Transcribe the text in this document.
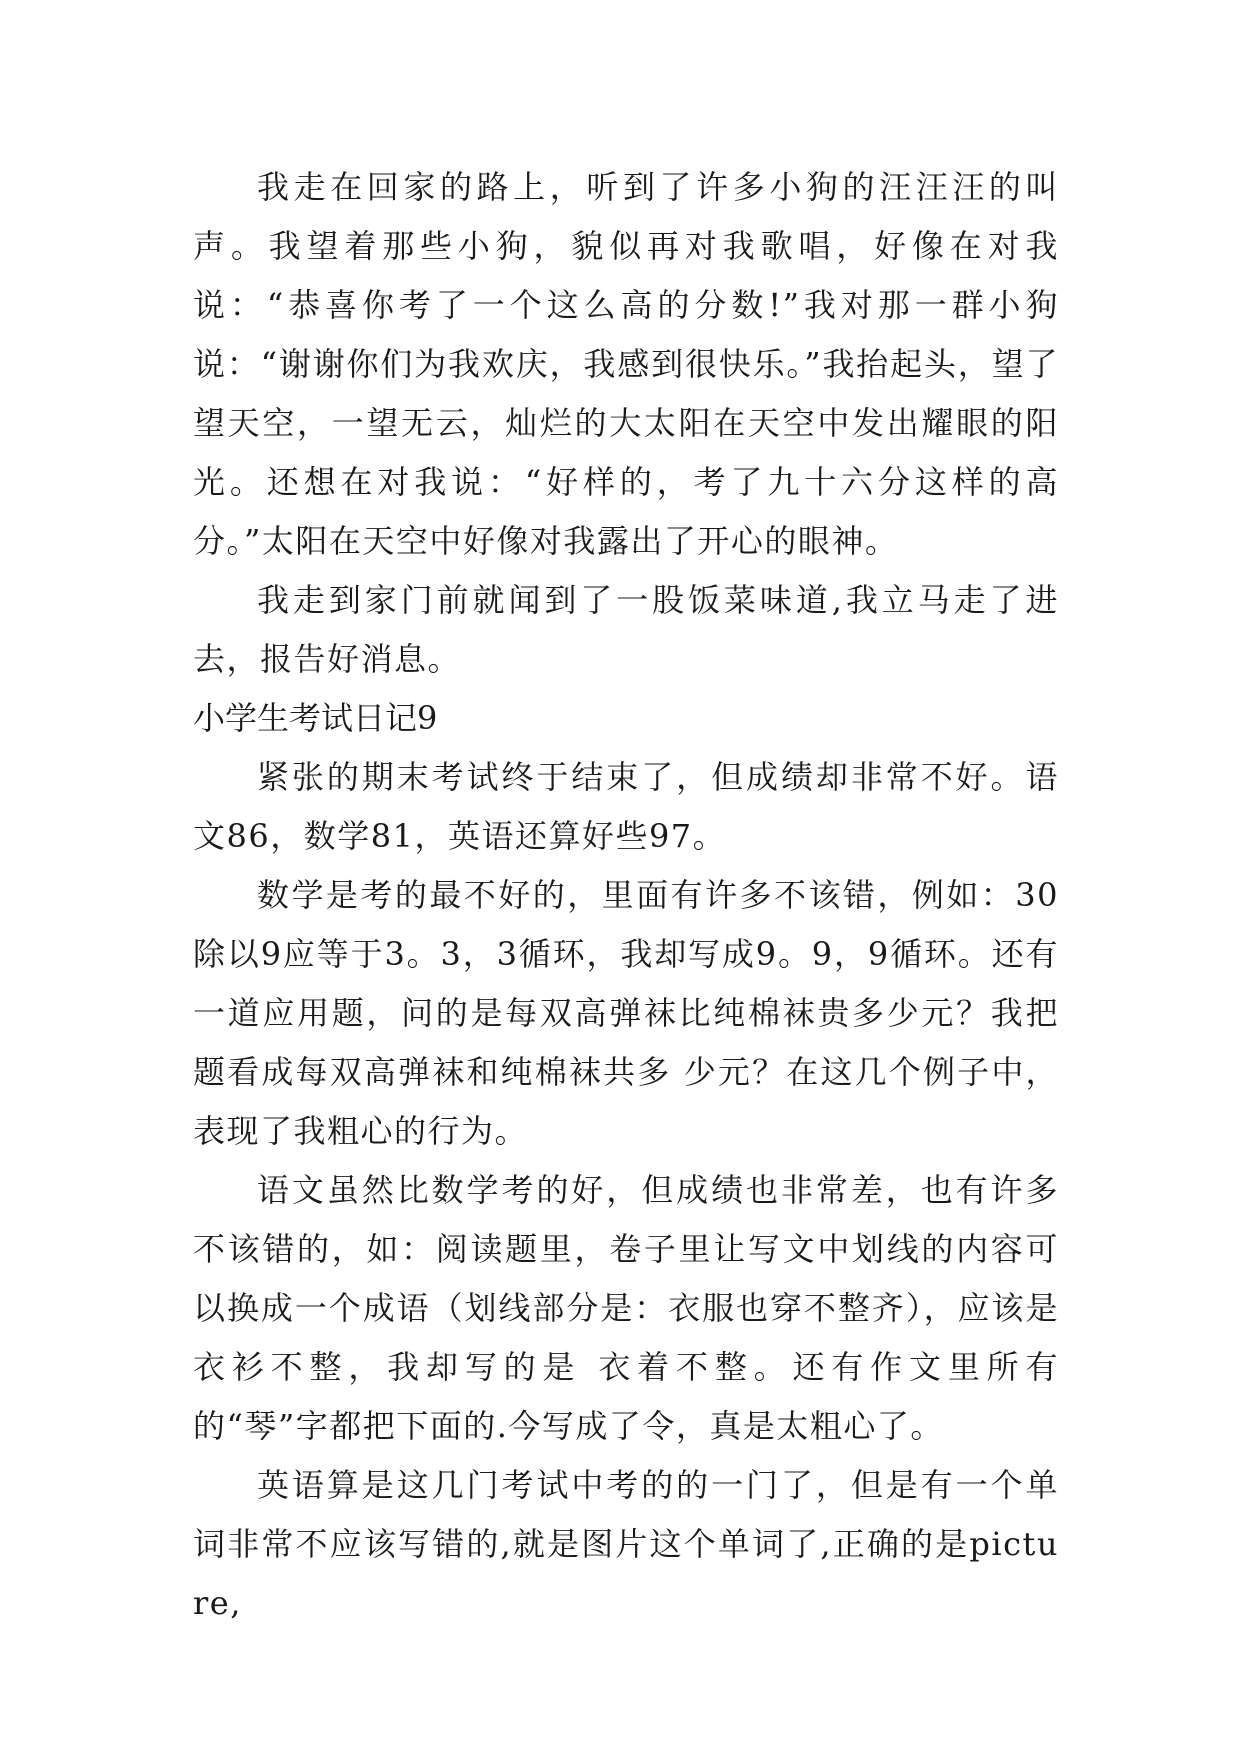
我走在回家的路上，听到了许多小狗的汪汪汪的叫声。我望着那些小狗，貌似再对我歌唱，好像在对我说：“恭喜你考了一个这么高的分数!”我对那一群小狗说：“谢谢你们为我欢庆，我感到很快乐。”我抬起头，望了望天空，一望无云，灿烂的大太阳在天空中发出耀眼的阳光。还想在对我说：“好样的，考了九十六分这样的高分。”太阳在天空中好像对我露出了开心的眼神。

我走到家门前就闻到了一股饭菜味道,我立马走了进去，报告好消息。

小学生考试日记9

紧张的期末考试终于结束了，但成绩却非常不好。语文86，数学81，英语还算好些97。

数学是考的最不好的，里面有许多不该错，例如：30除以9应等于3。3，3循环，我却写成9。9，9循环。还有一道应用题，问的是每双高弹袜比纯棉袜贵多少元？我把题看成每双高弹袜和纯棉袜共多 少元？在这几个例子中，表现了我粗心的行为。

语文虽然比数学考的好，但成绩也非常差，也有许多不该错的，如：阅读题里，卷子里让写文中划线的内容可以换成一个成语（划线部分是：衣服也穿不整齐），应该是衣衫不整，我却写的是 衣着不整。还有作文里所有的“琴”字都把下面的.今写成了令，真是太粗心了。

英语算是这几门考试中考的的一门了，但是有一个单词非常不应该写错的,就是图片这个单词了,正确的是picture,
